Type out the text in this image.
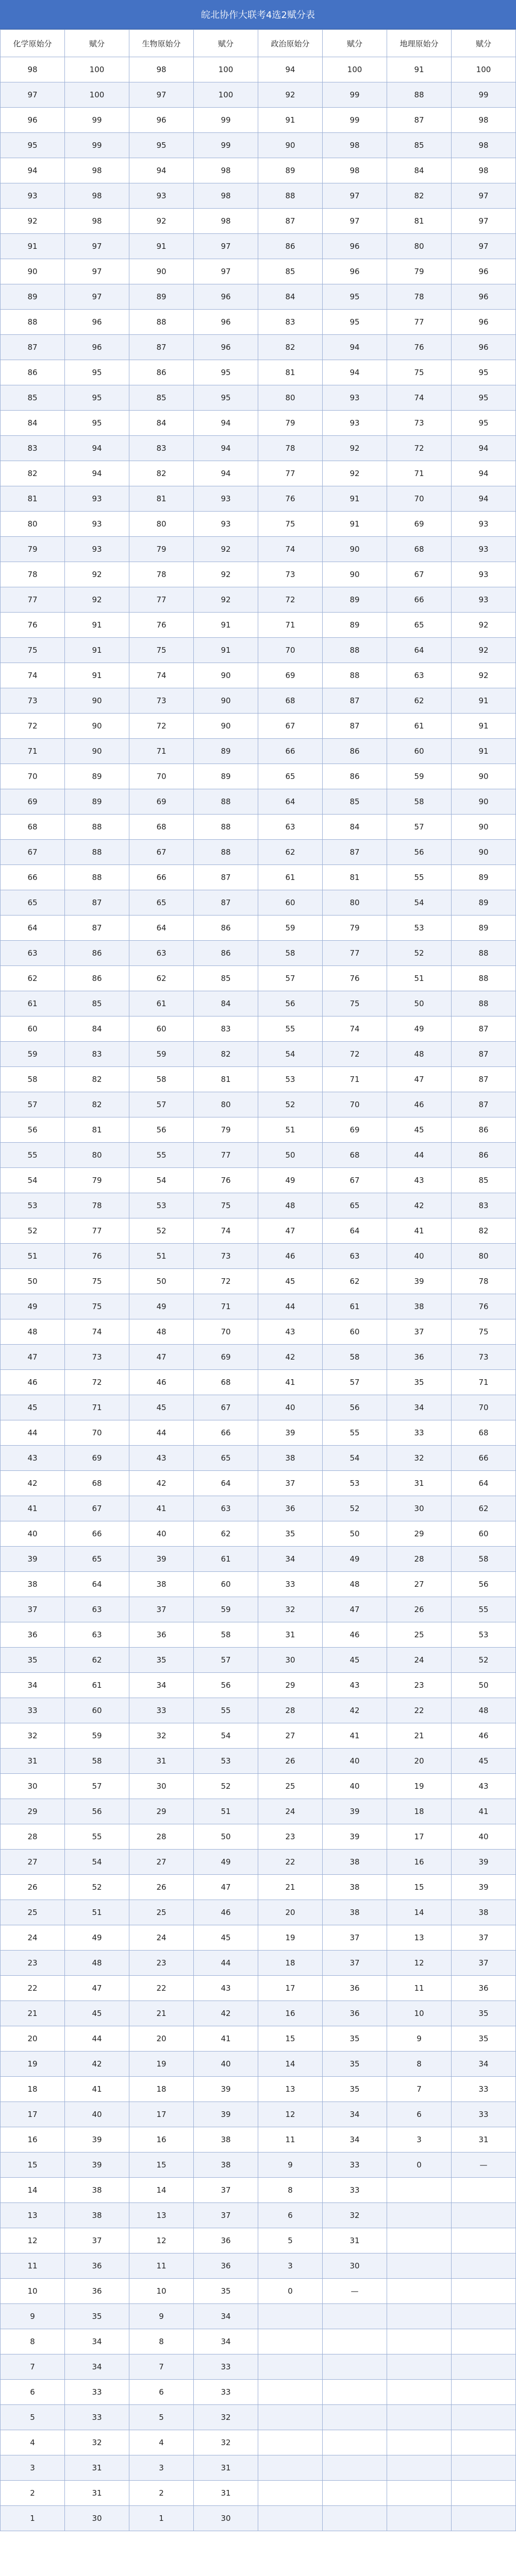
皖北协作大联考4选2赋分表
化学原始分	赋分	生物原始分	赋分	政治原始分	赋分	地理原始分	赋分
98	100	98	100	94	100	91	100
97	100	97	100	92	99	88	99
96	99	96	99	91	99	87	98
95	99	95	99	90	98	85	98
94	98	94	98	89	98	84	98
93	98	93	98	88	97	82	97
92	98	92	98	87	97	81	97
91	97	91	97	86	96	80	97
90	97	90	97	85	96	79	96
89	97	89	96	84	95	78	96
88	96	88	96	83	95	77	96
87	96	87	96	82	94	76	96
86	95	86	95	81	94	75	95
85	95	85	95	80	93	74	95
84	95	84	94	79	93	73	95
83	94	83	94	78	92	72	94
82	94	82	94	77	92	71	94
81	93	81	93	76	91	70	94
80	93	80	93	75	91	69	93
79	93	79	92	74	90	68	93
78	92	78	92	73	90	67	93
77	92	77	92	72	89	66	93
76	91	76	91	71	89	65	92
75	91	75	91	70	88	64	92
74	91	74	90	69	88	63	92
73	90	73	90	68	87	62	91
72	90	72	90	67	87	61	91
71	90	71	89	66	86	60	91
70	89	70	89	65	86	59	90
69	89	69	88	64	85	58	90
68	88	68	88	63	84	57	90
67	88	67	88	62	87	56	90
66	88	66	87	61	81	55	89
65	87	65	87	60	80	54	89
64	87	64	86	59	79	53	89
63	86	63	86	58	77	52	88
62	86	62	85	57	76	51	88
61	85	61	84	56	75	50	88
60	84	60	83	55	74	49	87
59	83	59	82	54	72	48	87
58	82	58	81	53	71	47	87
57	82	57	80	52	70	46	87
56	81	56	79	51	69	45	86
55	80	55	77	50	68	44	86
54	79	54	76	49	67	43	85
53	78	53	75	48	65	42	83
52	77	52	74	47	64	41	82
51	76	51	73	46	63	40	80
50	75	50	72	45	62	39	78
49	75	49	71	44	61	38	76
48	74	48	70	43	60	37	75
47	73	47	69	42	58	36	73
46	72	46	68	41	57	35	71
45	71	45	67	40	56	34	70
44	70	44	66	39	55	33	68
43	69	43	65	38	54	32	66
42	68	42	64	37	53	31	64
41	67	41	63	36	52	30	62
40	66	40	62	35	50	29	60
39	65	39	61	34	49	28	58
38	64	38	60	33	48	27	56
37	63	37	59	32	47	26	55
36	63	36	58	31	46	25	53
35	62	35	57	30	45	24	52
34	61	34	56	29	43	23	50
33	60	33	55	28	42	22	48
32	59	32	54	27	41	21	46
31	58	31	53	26	40	20	45
30	57	30	52	25	40	19	43
29	56	29	51	24	39	18	41
28	55	28	50	23	39	17	40
27	54	27	49	22	38	16	39
26	52	26	47	21	38	15	39
25	51	25	46	20	38	14	38
24	49	24	45	19	37	13	37
23	48	23	44	18	37	12	37
22	47	22	43	17	36	11	36
21	45	21	42	16	36	10	35
20	44	20	41	15	35	9	35
19	42	19	40	14	35	8	34
18	41	18	39	13	35	7	33
17	40	17	39	12	34	6	33
16	39	16	38	11	34	3	31
15	39	15	38	9	33	0	—
14	38	14	37	8	33		
13	38	13	37	6	32		
12	37	12	36	5	31		
11	36	11	36	3	30		
10	36	10	35	0	—		
9	35	9	34				
8	34	8	34				
7	34	7	33				
6	33	6	33				
5	33	5	32				
4	32	4	32				
3	31	3	31				
2	31	2	31				
1	30	1	30				
